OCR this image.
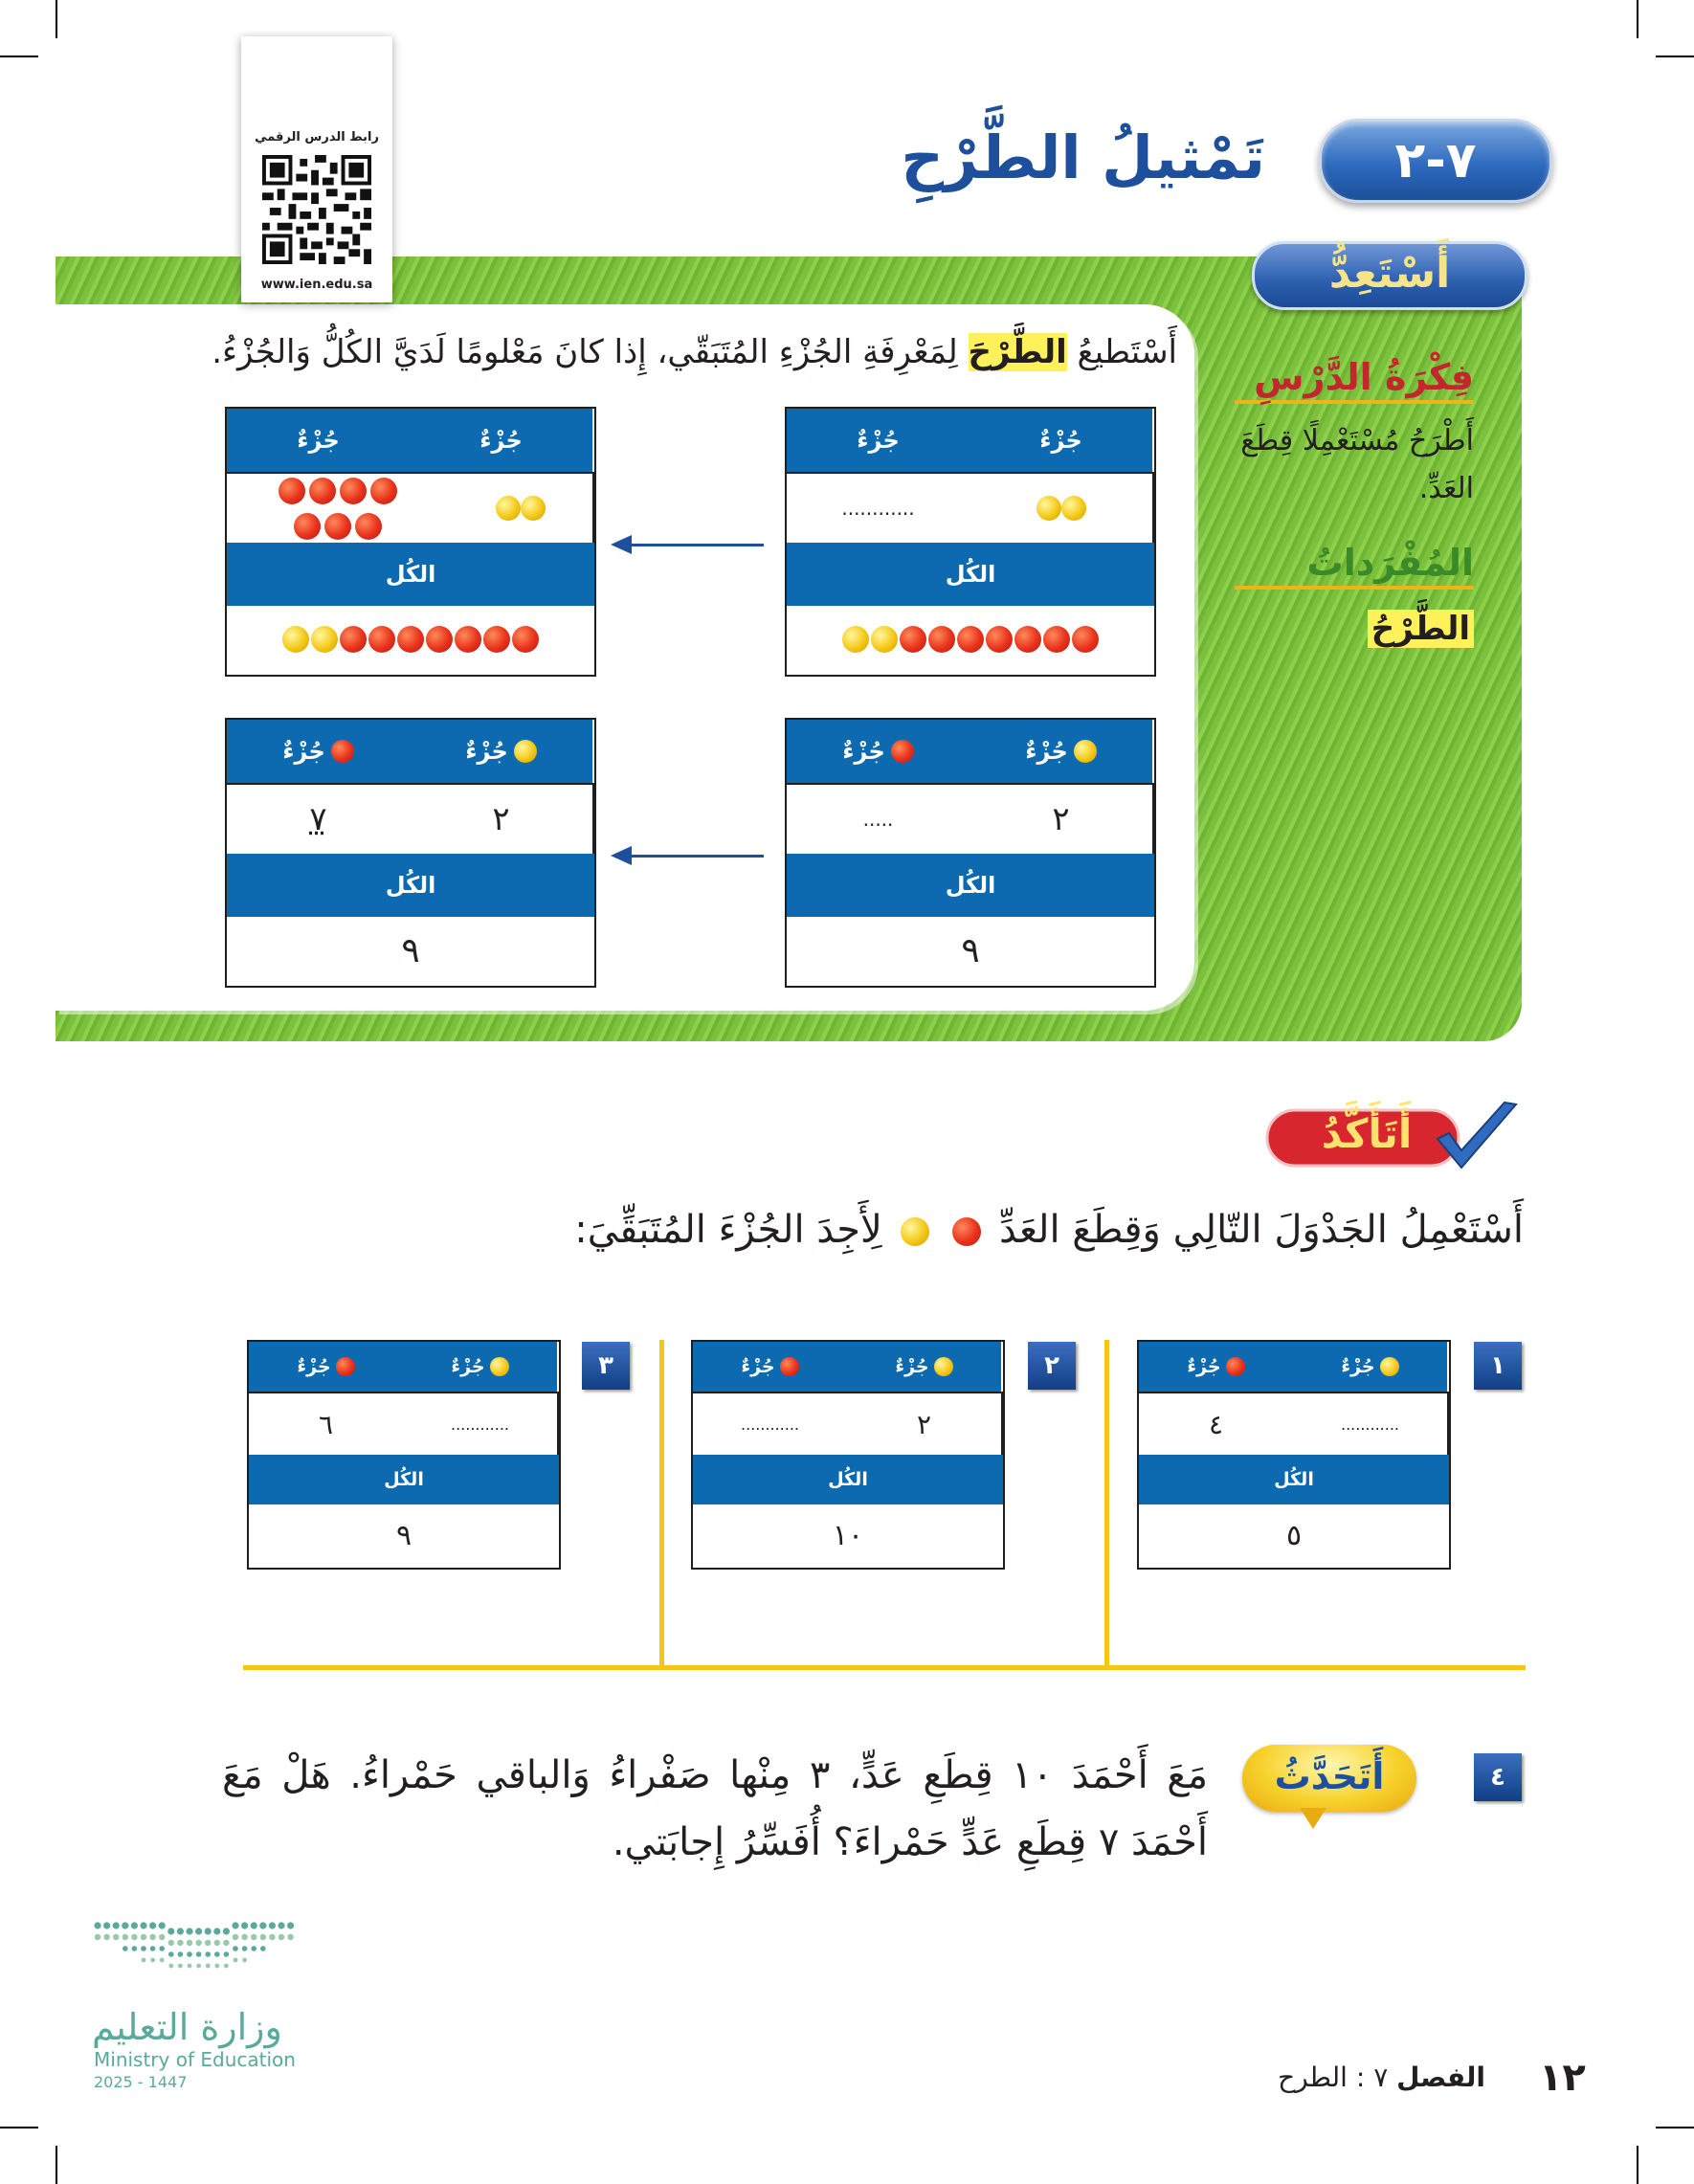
رابط الدرس الرقمي
www.ien.edu.sa
٧-٢
تَمْثيلُ الطَّرْحِ
أَسْتَعِدُّ
أَسْتَطيعُ الطَّرْحَ لِمَعْرِفَةِ الجُزْءِ المُتَبَقّي، إِذا كانَ مَعْلومًا لَدَيَّ الكُلُّ وَالجُزْءُ.
فِكْرَةُ الدَّرْسِ
أَطْرَحُ مُسْتَعْمِلًا قِطَعَ العَدِّ.
المُفْرَداتُ
الطَّرْحُ
جُزْءٌ	جُزْءٌ
............
الكُل
جُزْءٌ	جُزْءٌ
الكُل
جُزْءٌ	جُزْءٌ
.....	٢
الكُل
٩
جُزْءٌ	جُزْءٌ
٧	٢
الكُل
٩
أَتَأَكَّدُ
أَسْتَعْمِلُ الجَدْوَلَ التّالِي وَقِطَعَ العَدِّ   لِأَجِدَ الجُزْءَ المُتَبَقِّيَ:
جُزْءٌ	جُزْءٌ
٤	............
الكُل
٥
جُزْءٌ	جُزْءٌ
............	٢
الكُل
١٠
جُزْءٌ	جُزْءٌ
٦	............
الكُل
٩
٤
أَتَحَدَّثُ
مَعَ أَحْمَدَ ١٠ قِطَعِ عَدٍّ، ٣ مِنْها صَفْراءُ وَالباقي حَمْراءُ. هَلْ مَعَ أَحْمَدَ ٧ قِطَعِ عَدٍّ حَمْراءَ؟ أُفَسِّرُ إِجابَتي.
وزارة التعليم
Ministry of Education
2025 - 1447	١٢
الفصل ٧ : الطرح
١
٢
٣
